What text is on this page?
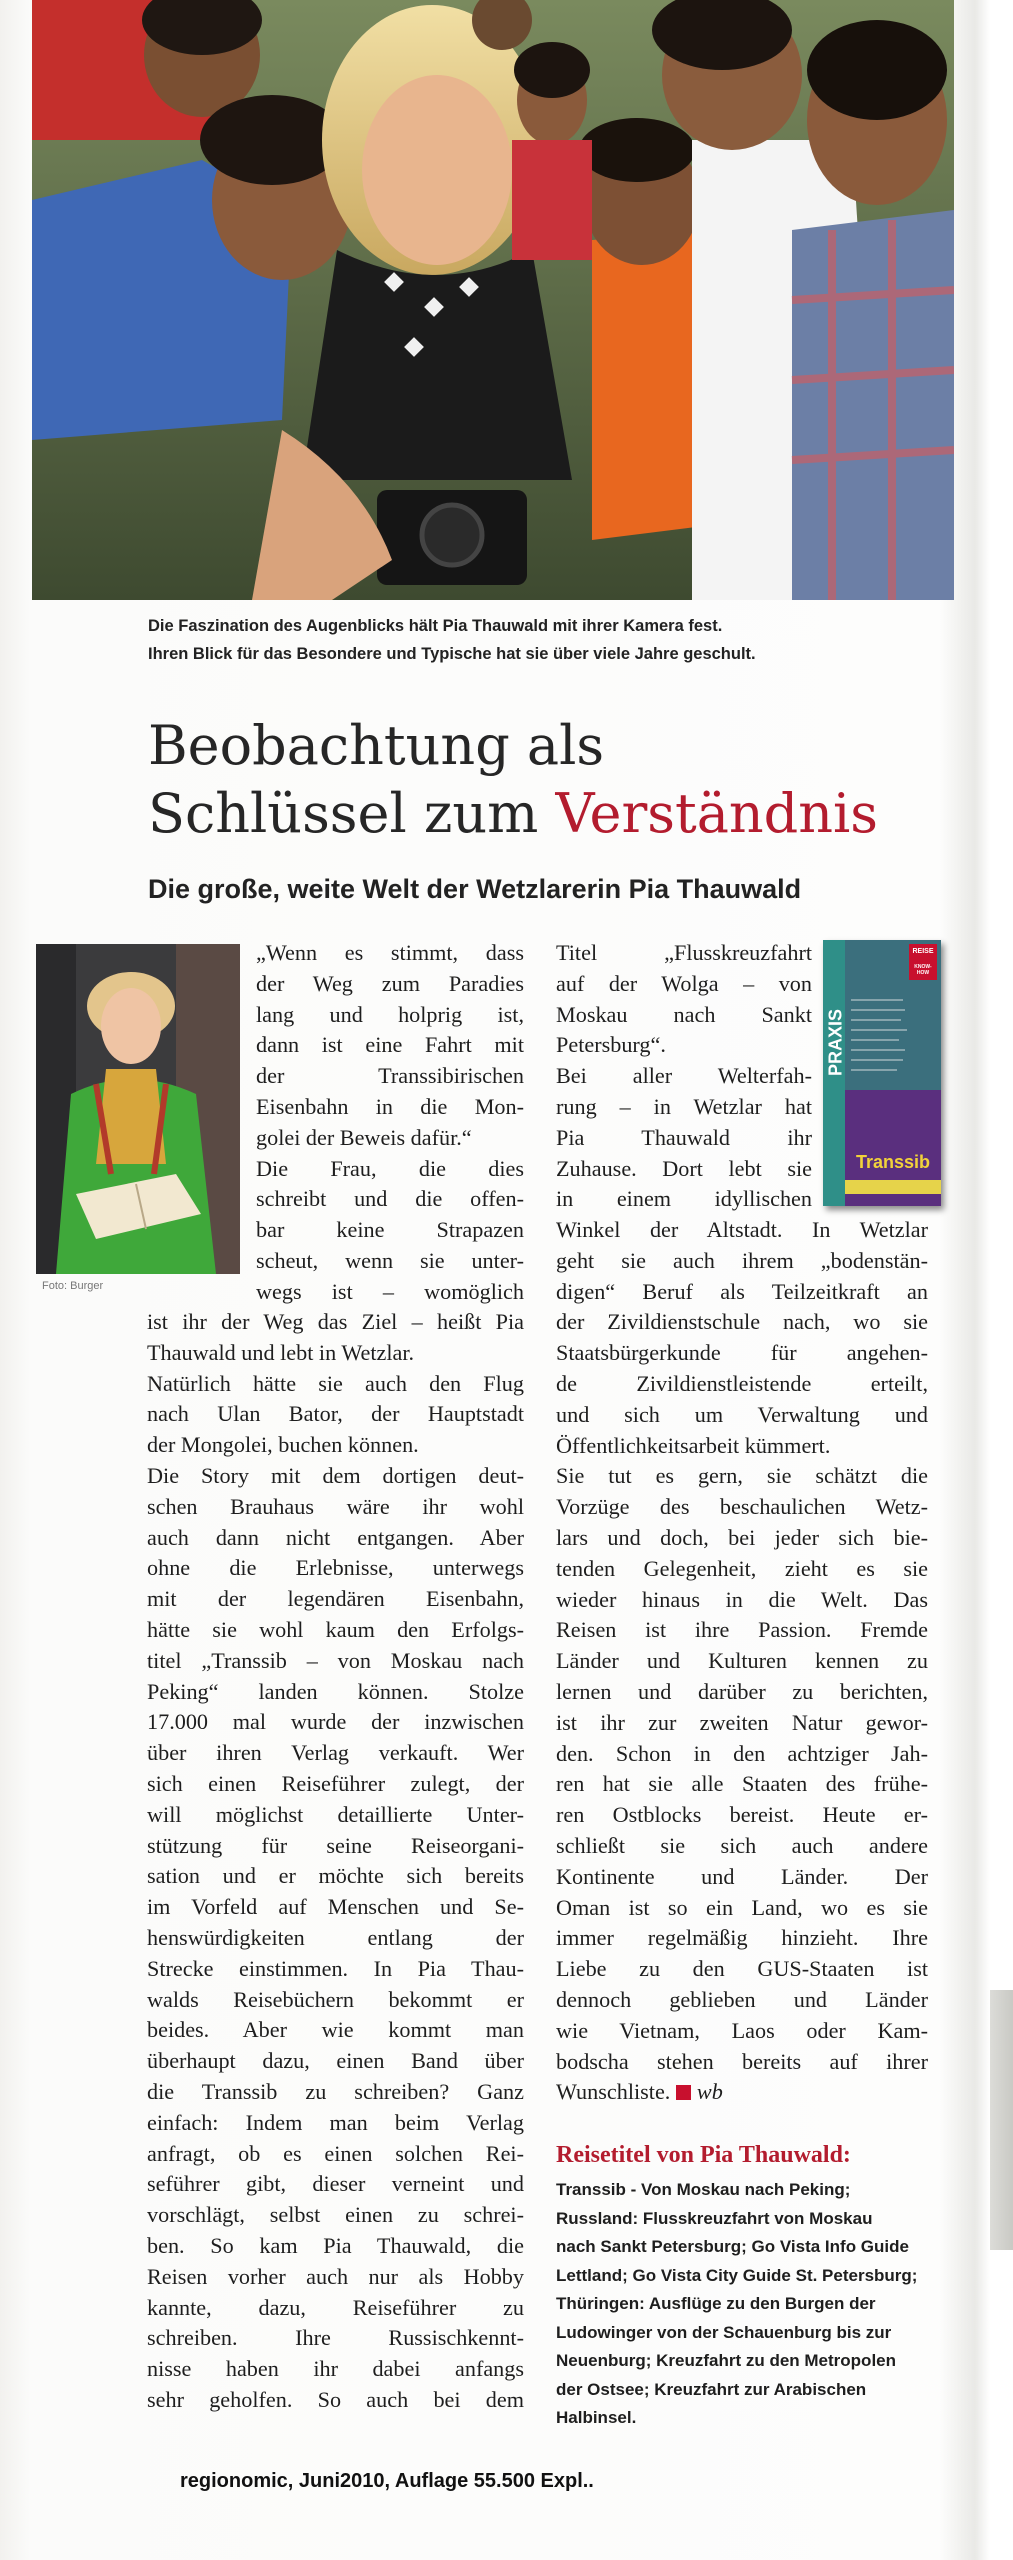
Die Faszination des Augenblicks hält Pia Thauwald mit ihrer Kamera fest.

Ihren Blick für das Besondere und Typische hat sie über viele Jahre geschult.

Beobachtung als
Schlüssel zum Verständnis
Die große, weite Welt der Wetzlarerin Pia Thauwald
Foto: Burger
PRAXIS
REISE
KNOW-HOW
Transsib
„Wenn es stimmt, dass
der Weg zum Paradies
lang und holprig ist,
dann ist eine Fahrt mit
der Transsibirischen
Eisenbahn in die Mon-
golei der Beweis dafür.“
Die Frau, die dies
schreibt und die offen-
bar keine Strapazen
scheut, wenn sie unter-
wegs ist – womöglich
ist ihr der Weg das Ziel – heißt Pia
Thauwald und lebt in Wetzlar.
Natürlich hätte sie auch den Flug
nach Ulan Bator, der Hauptstadt
der Mongolei, buchen können.
Die Story mit dem dortigen deut-
schen Brauhaus wäre ihr wohl
auch dann nicht entgangen. Aber
ohne die Erlebnisse, unterwegs
mit der legendären Eisenbahn,
hätte sie wohl kaum den Erfolgs-
titel „Transsib – von Moskau nach
Peking“ landen können. Stolze
17.000 mal wurde der inzwischen
über ihren Verlag verkauft. Wer
sich einen Reiseführer zulegt, der
will möglichst detaillierte Unter-
stützung für seine Reiseorgani-
sation und er möchte sich bereits
im Vorfeld auf Menschen und Se-
henswürdigkeiten entlang der
Strecke einstimmen. In Pia Thau-
walds Reisebüchern bekommt er
beides. Aber wie kommt man
überhaupt dazu, einen Band über
die Transsib zu schreiben? Ganz
einfach: Indem man beim Verlag
anfragt, ob es einen solchen Rei-
seführer gibt, dieser verneint und
vorschlägt, selbst einen zu schrei-
ben. So kam Pia Thauwald, die
Reisen vorher auch nur als Hobby
kannte, dazu, Reiseführer zu
schreiben. Ihre Russischkennt-
nisse haben ihr dabei anfangs
sehr geholfen. So auch bei dem
Titel „Flusskreuzfahrt
auf der Wolga – von
Moskau nach Sankt
Petersburg“.
Bei aller Welterfah-
rung – in Wetzlar hat
Pia Thauwald ihr
Zuhause. Dort lebt sie
in einem idyllischen
Winkel der Altstadt. In Wetzlar
geht sie auch ihrem „bodenstän-
digen“ Beruf als Teilzeitkraft an
der Zivildienstschule nach, wo sie
Staatsbürgerkunde für angehen-
de Zivildienstleistende erteilt,
und sich um Verwaltung und
Öffentlichkeitsarbeit kümmert.
Sie tut es gern, sie schätzt die
Vorzüge des beschaulichen Wetz-
lars und doch, bei jeder sich bie-
tenden Gelegenheit, zieht es sie
wieder hinaus in die Welt. Das
Reisen ist ihre Passion. Fremde
Länder und Kulturen kennen zu
lernen und darüber zu berichten,
ist ihr zur zweiten Natur gewor-
den. Schon in den achtziger Jah-
ren hat sie alle Staaten des frühe-
ren Ostblocks bereist. Heute er-
schließt sie sich auch andere
Kontinente und Länder. Der
Oman ist so ein Land, wo es sie
immer regelmäßig hinzieht. Ihre
Liebe zu den GUS-Staaten ist
dennoch geblieben und Länder
wie Vietnam, Laos oder Kam-
bodscha stehen bereits auf ihrer
Wunschliste. wb
Reisetitel von Pia Thauwald:
Transsib - Von Moskau nach Peking;
Russland: Flusskreuzfahrt von Moskau
nach Sankt Petersburg; Go Vista Info Guide
Lettland; Go Vista City Guide St. Petersburg;
Thüringen: Ausflüge zu den Burgen der
Ludowinger von der Schauenburg bis zur
Neuenburg; Kreuzfahrt zu den Metropolen
der Ostsee; Kreuzfahrt zur Arabischen
Halbinsel.
regionomic, Juni2010, Auflage 55.500 Expl..
